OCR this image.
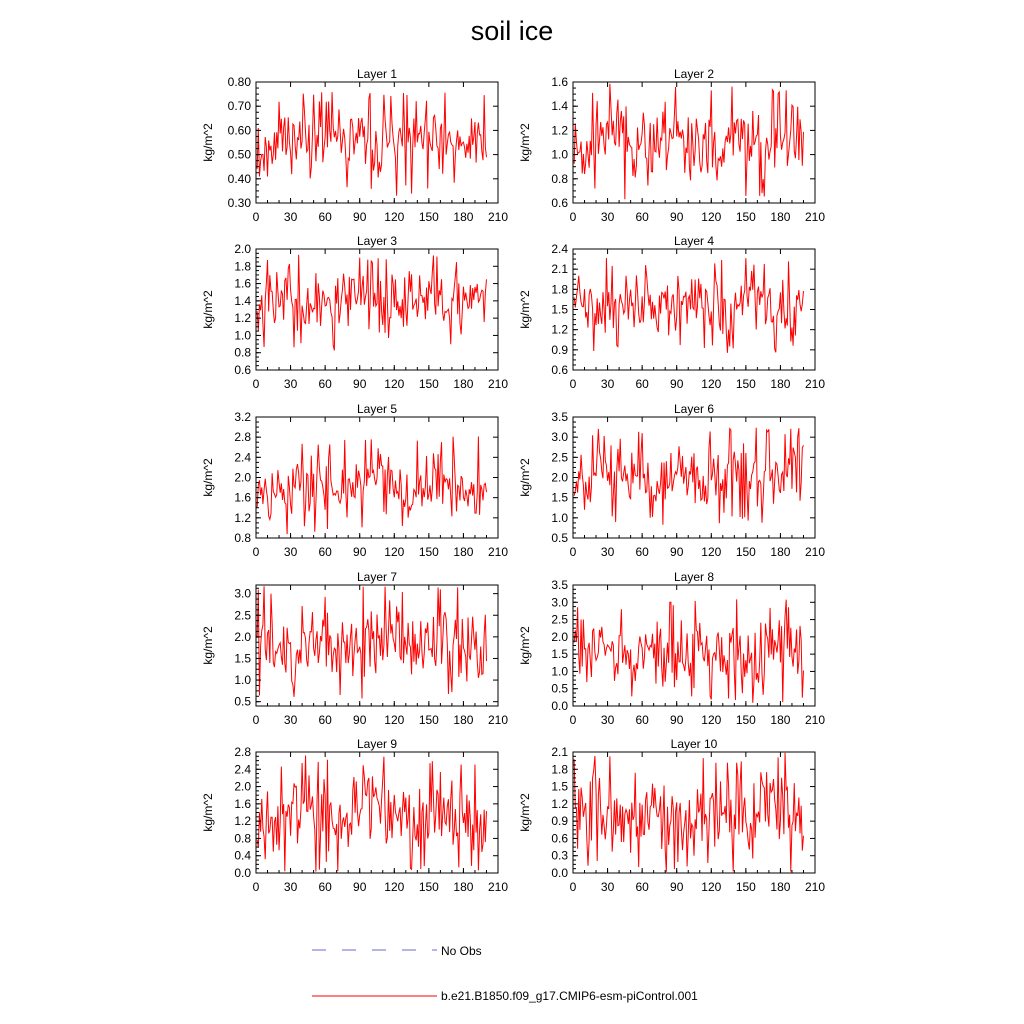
soil ice
Layer 1
0 30 60 90 120 150 180 210
0.30
0.40
0.50
0.60
0.70
0.80
kg/m^2
Layer 2
0 30 60 90 120 150 180 210
0.6
0.8
1.0
1.2
1.4
1.6
kg/m^2
Layer 3
0 30 60 90 120 150 180 210
0.6
0.8
1.0
1.2
1.4
1.6
1.8
2.0
kg/m^2
Layer 4
0 30 60 90 120 150 180 210
0.6
0.9
1.2
1.5
1.8
2.1
2.4
kg/m^2
Layer 5
0 30 60 90 120 150 180 210
0.8
1.2
1.6
2.0
2.4
2.8
3.2
kg/m^2
Layer 6
0 30 60 90 120 150 180 210
0.5
1.0
1.5
2.0
2.5
3.0
3.5
kg/m^2
Layer 7
0 30 60 90 120 150 180 210
0.5
1.0
1.5
2.0
2.5
3.0
kg/m^2
Layer 8
0 30 60 90 120 150 180 210
0.0
0.5
1.0
1.5
2.0
2.5
3.0
3.5
kg/m^2
Layer 9
0 30 60 90 120 150 180 210
0.0
0.4
0.8
1.2
1.6
2.0
2.4
2.8
kg/m^2
Layer 10
0 30 60 90 120 150 180 210
0.0
0.3
0.6
0.9
1.2
1.5
1.8
2.1
kg/m^2
No Obs
b.e21.B1850.f09_g17.CMIP6-esm-piControl.001
